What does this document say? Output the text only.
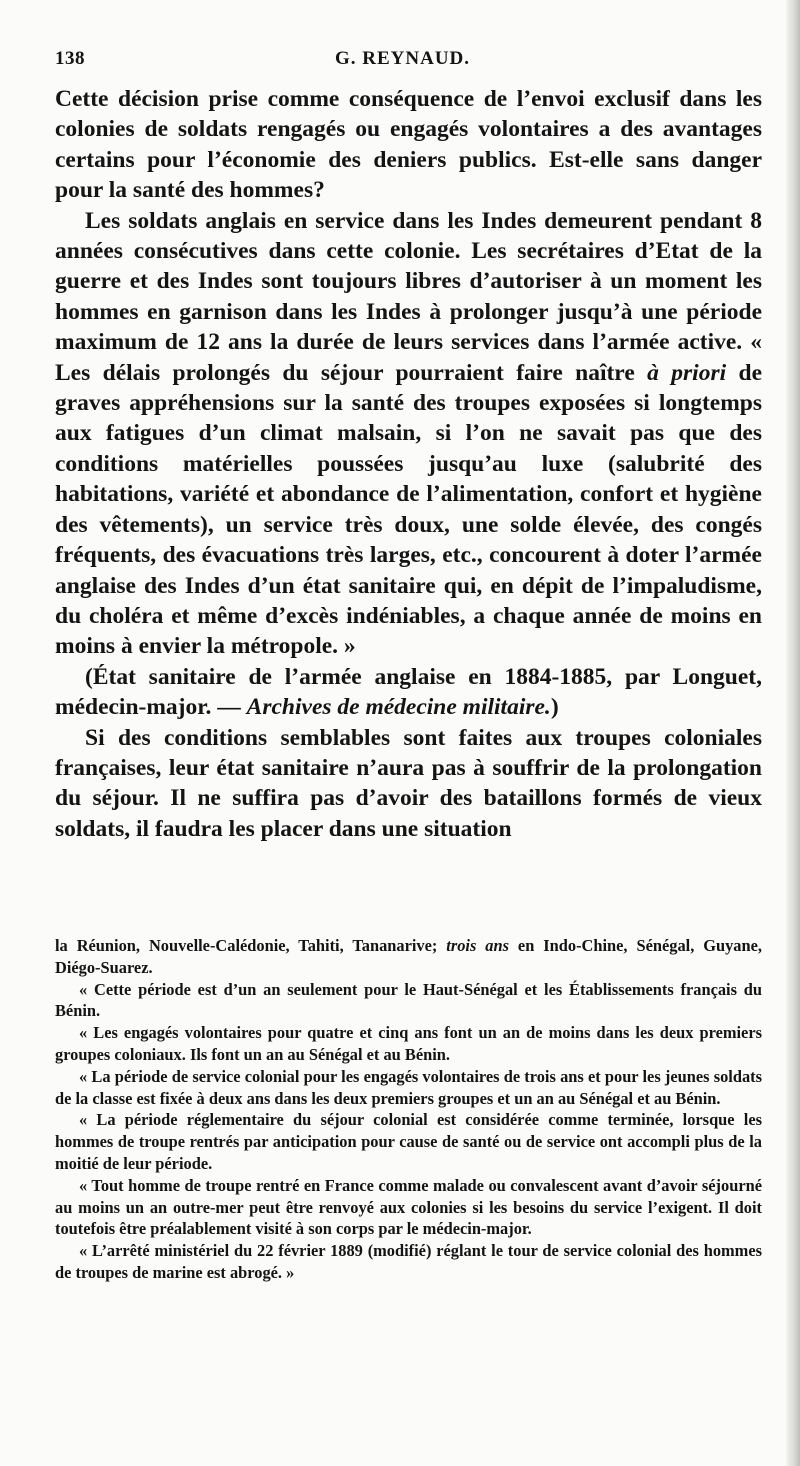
138	G. REYNAUD.

Cette décision prise comme conséquence de l’envoi exclusif dans les colonies de soldats rengagés ou engagés volontaires a des avantages certains pour l’économie des deniers publics. Est-elle sans danger pour la santé des hommes?

Les soldats anglais en service dans les Indes demeurent pendant 8 années consécutives dans cette colonie. Les secrétaires d’Etat de la guerre et des Indes sont toujours libres d’autoriser à un moment les hommes en garnison dans les Indes à prolonger jusqu’à une période maximum de 12 ans la durée de leurs services dans l’armée active. « Les délais prolongés du séjour pourraient faire naître à priori de graves appréhensions sur la santé des troupes exposées si longtemps aux fatigues d’un climat malsain, si l’on ne savait pas que des conditions matérielles poussées jusqu’au luxe (salubrité des habitations, variété et abondance de l’alimentation, confort et hygiène des vêtements), un service très doux, une solde élevée, des congés fréquents, des évacuations très larges, etc., concourent à doter l’armée anglaise des Indes d’un état sanitaire qui, en dépit de l’impaludisme, du choléra et même d’excès indéniables, a chaque année de moins en moins à envier la métropole. »

(État sanitaire de l’armée anglaise en 1884-1885, par Longuet, médecin-major. — Archives de médecine militaire.)

Si des conditions semblables sont faites aux troupes coloniales françaises, leur état sanitaire n’aura pas à souffrir de la prolongation du séjour. Il ne suffira pas d’avoir des bataillons formés de vieux soldats, il faudra les placer dans une situation

la Réunion, Nouvelle-Calédonie, Tahiti, Tananarive; trois ans en Indo-Chine, Sénégal, Guyane, Diégo-Suarez.

« Cette période est d’un an seulement pour le Haut-Sénégal et les Établissements français du Bénin.

« Les engagés volontaires pour quatre et cinq ans font un an de moins dans les deux premiers groupes coloniaux. Ils font un an au Sénégal et au Bénin.

« La période de service colonial pour les engagés volontaires de trois ans et pour les jeunes soldats de la classe est fixée à deux ans dans les deux premiers groupes et un an au Sénégal et au Bénin.

« La période réglementaire du séjour colonial est considérée comme terminée, lorsque les hommes de troupe rentrés par anticipation pour cause de santé ou de service ont accompli plus de la moitié de leur période.

« Tout homme de troupe rentré en France comme malade ou convalescent avant d’avoir séjourné au moins un an outre-mer peut être renvoyé aux colonies si les besoins du service l’exigent. Il doit toutefois être préalablement visité à son corps par le médecin-major.

« L’arrêté ministériel du 22 février 1889 (modifié) réglant le tour de service colonial des hommes de troupes de marine est abrogé. »
